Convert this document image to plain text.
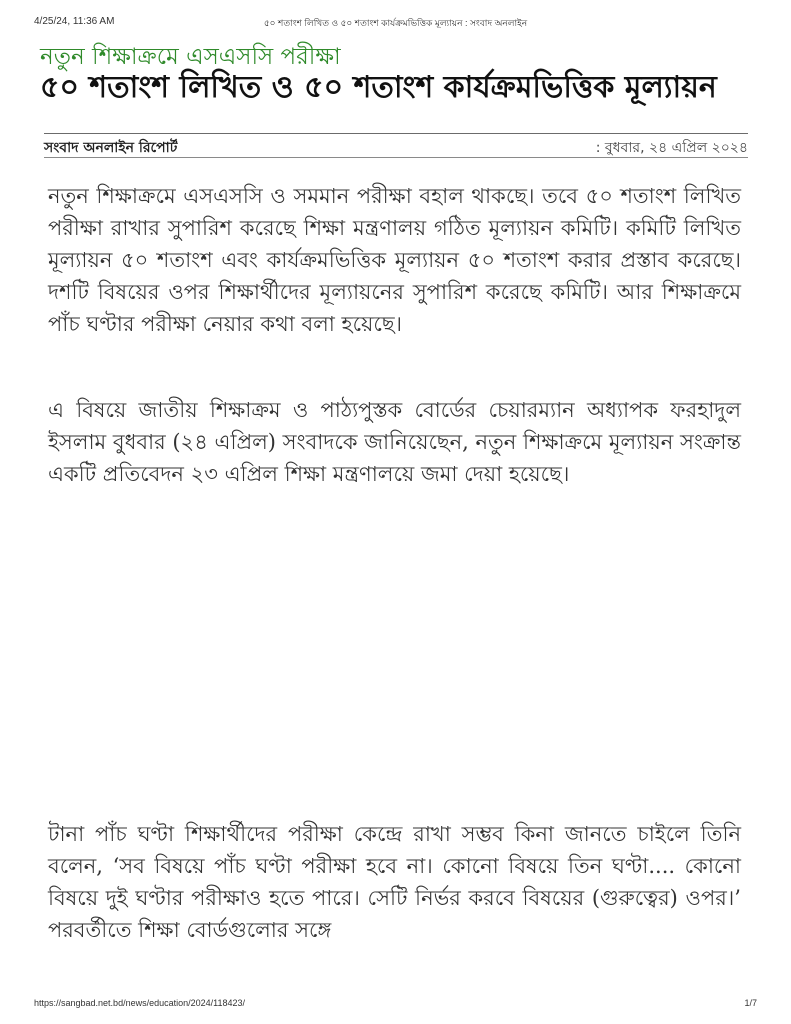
4/25/24, 11:36 AM	৫০ শতাংশ লিখিত ও ৫০ শতাংশ কার্যক্রমভিত্তিক মূল্যায়ন : সংবাদ অনলাইন
নতুন শিক্ষাক্রমে এসএসসি পরীক্ষা
৫০ শতাংশ লিখিত ও ৫০ শতাংশ কার্যক্রমভিত্তিক মূল্যায়ন
সংবাদ অনলাইন রিপোর্ট	: বুধবার, ২৪ এপ্রিল ২০২৪

নতুন শিক্ষাক্রমে এসএসসি ও সমমান পরীক্ষা বহাল থাকছে। তবে ৫০ শতাংশ লিখিত পরীক্ষা রাখার সুপারিশ করেছে শিক্ষা মন্ত্রণালয় গঠিত মূল্যায়ন কমিটি। কমিটি লিখিত মূল্যায়ন ৫০ শতাংশ এবং কার্যক্রমভিত্তিক মূল্যায়ন ৫০ শতাংশ করার প্রস্তাব করেছে। দশটি বিষয়ের ওপর শিক্ষার্থীদের মূল্যায়নের সুপারিশ করেছে কমিটি। আর শিক্ষাক্রমে পাঁচ ঘণ্টার পরীক্ষা নেয়ার কথা বলা হয়েছে।

এ বিষয়ে জাতীয় শিক্ষাক্রম ও পাঠ্যপুস্তক বোর্ডের চেয়ারম্যান অধ্যাপক ফরহাদুল ইসলাম বুধবার (২৪ এপ্রিল) সংবাদকে জানিয়েছেন, নতুন শিক্ষাক্রমে মূল্যায়ন সংক্রান্ত একটি প্রতিবেদন ২৩ এপ্রিল শিক্ষা মন্ত্রণালয়ে জমা দেয়া হয়েছে।

টানা পাঁচ ঘণ্টা শিক্ষার্থীদের পরীক্ষা কেন্দ্রে রাখা সম্ভব কিনা জানতে চাইলে তিনি বলেন, ‘সব বিষয়ে পাঁচ ঘণ্টা পরীক্ষা হবে না। কোনো বিষয়ে তিন ঘণ্টা.... কোনো বিষয়ে দুই ঘণ্টার পরীক্ষাও হতে পারে। সেটি নির্ভর করবে বিষয়ের (গুরুত্বের) ওপর।’ পরবর্তীতে শিক্ষা বোর্ডগুলোর সঙ্গে

https://sangbad.net.bd/news/education/2024/118423/	1/7
